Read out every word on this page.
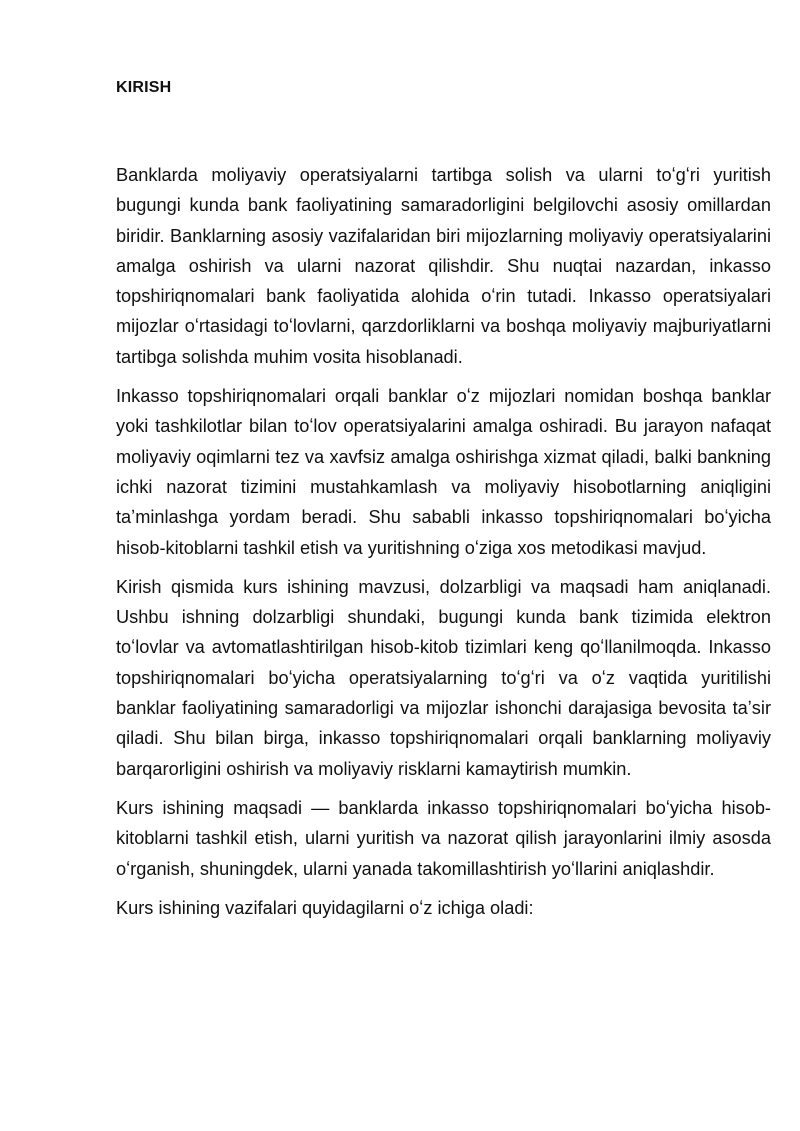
KIRISH

Banklarda moliyaviy operatsiyalarni tartibga solish va ularni toʻgʻri yuritish bugungi kunda bank faoliyatining samaradorligini belgilovchi asosiy omillardan biridir. Banklarning asosiy vazifalaridan biri mijozlarning moliyaviy operatsiyalarini amalga oshirish va ularni nazorat qilishdir. Shu nuqtai nazardan, inkasso topshiriqnomalari bank faoliyatida alohida oʻrin tutadi. Inkasso operatsiyalari mijozlar oʻrtasidagi toʻlovlarni, qarzdorliklarni va boshqa moliyaviy majburiyatlarni tartibga solishda muhim vosita hisoblanadi.

Inkasso topshiriqnomalari orqali banklar oʻz mijozlari nomidan boshqa banklar yoki tashkilotlar bilan toʻlov operatsiyalarini amalga oshiradi. Bu jarayon nafaqat moliyaviy oqimlarni tez va xavfsiz amalga oshirishga xizmat qiladi, balki bankning ichki nazorat tizimini mustahkamlash va moliyaviy hisobotlarning aniqligini taʼminlashga yordam beradi. Shu sababli inkasso topshiriqnomalari boʻyicha hisob-kitoblarni tashkil etish va yuritishning oʻziga xos metodikasi mavjud.

Kirish qismida kurs ishining mavzusi, dolzarbligi va maqsadi ham aniqlanadi. Ushbu ishning dolzarbligi shundaki, bugungi kunda bank tizimida elektron toʻlovlar va avtomatlashtirilgan hisob-kitob tizimlari keng qoʻllanilmoqda. Inkasso topshiriqnomalari boʻyicha operatsiyalarning toʻgʻri va oʻz vaqtida yuritilishi banklar faoliyatining samaradorligi va mijozlar ishonchi darajasiga bevosita taʼsir qiladi. Shu bilan birga, inkasso topshiriqnomalari orqali banklarning moliyaviy barqarorligini oshirish va moliyaviy risklarni kamaytirish mumkin.

Kurs ishining maqsadi — banklarda inkasso topshiriqnomalari boʻyicha hisob-kitoblarni tashkil etish, ularni yuritish va nazorat qilish jarayonlarini ilmiy asosda oʻrganish, shuningdek, ularni yanada takomillashtirish yoʻllarini aniqlashdir.

Kurs ishining vazifalari quyidagilarni oʻz ichiga oladi:
